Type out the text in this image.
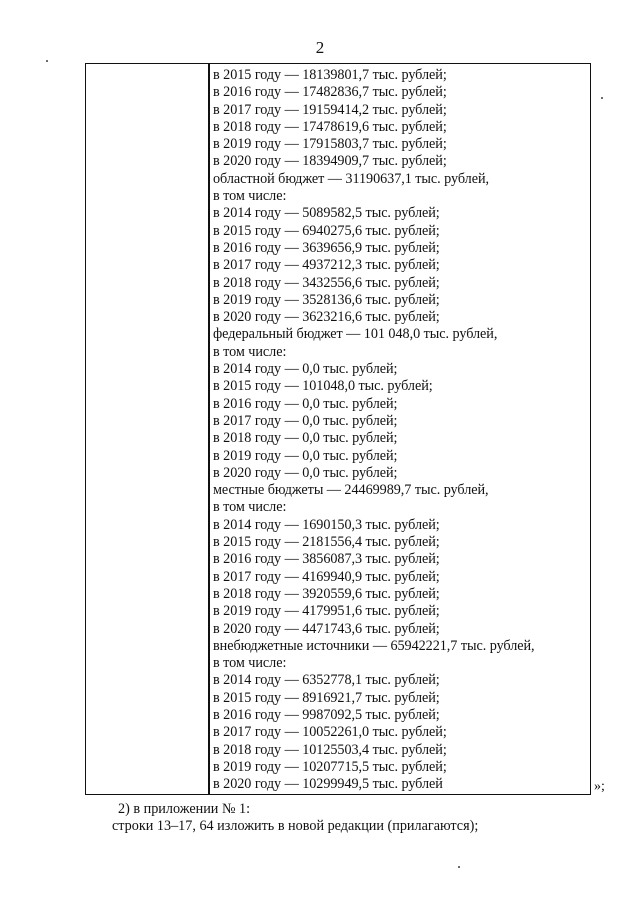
2
в 2015 году — 18139801,7 тыс. рублей;
в 2016 году — 17482836,7 тыс. рублей;
в 2017 году — 19159414,2 тыс. рублей;
в 2018 году — 17478619,6 тыс. рублей;
в 2019 году — 17915803,7 тыс. рублей;
в 2020 году — 18394909,7 тыс. рублей;
областной бюджет — 31190637,1 тыс. рублей,
в том числе:
в 2014 году — 5089582,5 тыс. рублей;
в 2015 году — 6940275,6 тыс. рублей;
в 2016 году — 3639656,9 тыс. рублей;
в 2017 году — 4937212,3 тыс. рублей;
в 2018 году — 3432556,6 тыс. рублей;
в 2019 году — 3528136,6 тыс. рублей;
в 2020 году — 3623216,6 тыс. рублей;
федеральный бюджет — 101 048,0 тыс. рублей,
в том числе:
в 2014 году — 0,0 тыс. рублей;
в 2015 году — 101048,0 тыс. рублей;
в 2016 году — 0,0 тыс. рублей;
в 2017 году — 0,0 тыс. рублей;
в 2018 году — 0,0 тыс. рублей;
в 2019 году — 0,0 тыс. рублей;
в 2020 году — 0,0 тыс. рублей;
местные бюджеты — 24469989,7 тыс. рублей,
в том числе:
в 2014 году — 1690150,3 тыс. рублей;
в 2015 году — 2181556,4 тыс. рублей;
в 2016 году — 3856087,3 тыс. рублей;
в 2017 году — 4169940,9 тыс. рублей;
в 2018 году — 3920559,6 тыс. рублей;
в 2019 году — 4179951,6 тыс. рублей;
в 2020 году — 4471743,6 тыс. рублей;
внебюджетные источники — 65942221,7 тыс. рублей,
в том числе:
в 2014 году — 6352778,1 тыс. рублей;
в 2015 году — 8916921,7 тыс. рублей;
в 2016 году — 9987092,5 тыс. рублей;
в 2017 году — 10052261,0 тыс. рублей;
в 2018 году — 10125503,4 тыс. рублей;
в 2019 году — 10207715,5 тыс. рублей;
в 2020 году — 10299949,5 тыс. рублей	»;
2) в приложении № 1:
строки 13–17, 64 изложить в новой редакции (прилагаются);
